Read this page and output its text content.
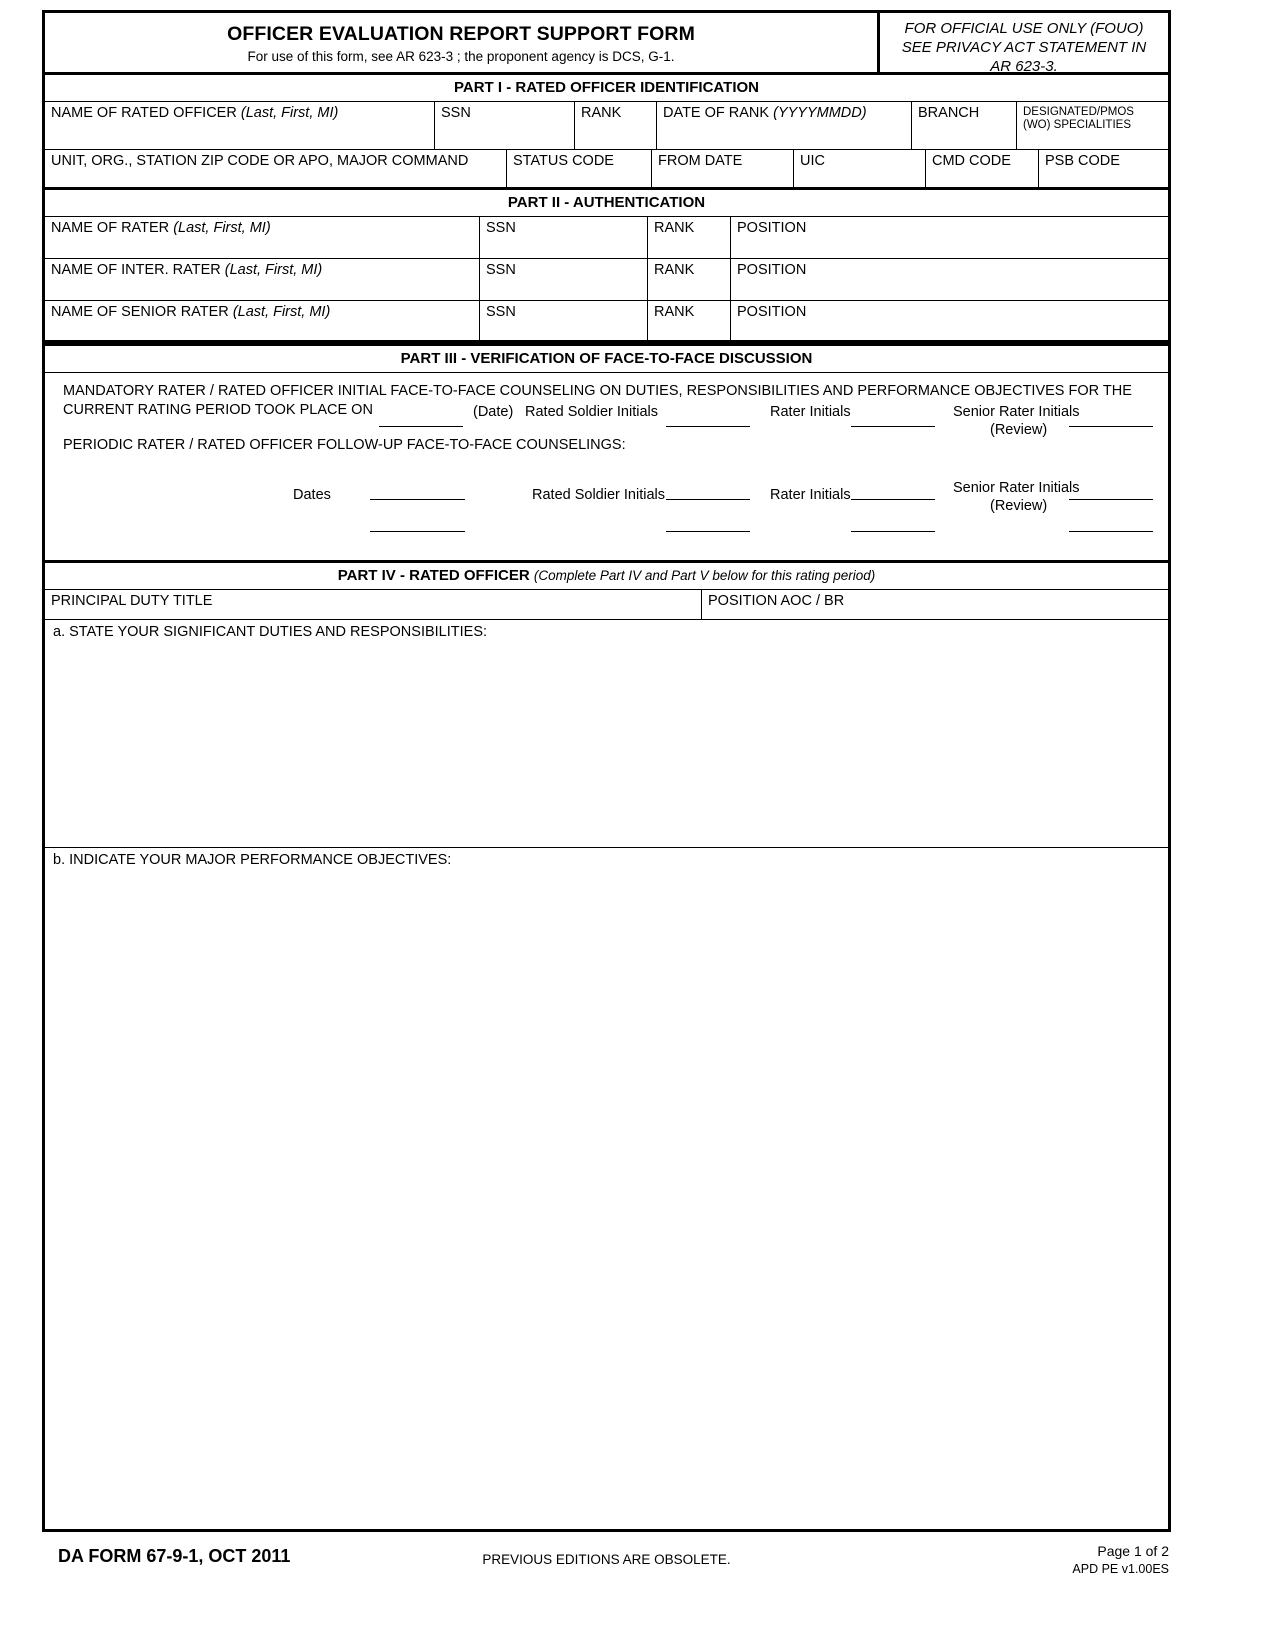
OFFICER EVALUATION REPORT SUPPORT FORM
For use of this form, see AR 623-3 ; the proponent agency is DCS, G-1.
FOR OFFICIAL USE ONLY (FOUO)
SEE PRIVACY ACT STATEMENT IN
AR 623-3.
PART I - RATED OFFICER IDENTIFICATION
NAME OF RATED OFFICER (Last, First, MI)	SSN	RANK	DATE OF RANK (YYYYMMDD)	BRANCH	DESIGNATED/PMOS
(WO) SPECIALITIES
UNIT, ORG., STATION ZIP CODE OR APO, MAJOR COMMAND	STATUS CODE	FROM DATE	UIC	CMD CODE	PSB CODE
PART II - AUTHENTICATION
NAME OF RATER (Last, First, MI)	SSN	RANK	POSITION
NAME OF INTER. RATER (Last, First, MI)	SSN	RANK	POSITION
NAME OF SENIOR RATER (Last, First, MI)	SSN	RANK	POSITION
PART III - VERIFICATION OF FACE-TO-FACE DISCUSSION
MANDATORY RATER / RATED OFFICER INITIAL FACE-TO-FACE COUNSELING ON DUTIES, RESPONSIBILITIES AND PERFORMANCE OBJECTIVES FOR THE
CURRENT RATING PERIOD TOOK PLACE ON	(Date) Rated Soldier Initials	Rater Initials	Senior Rater Initials
(Review)
PERIODIC RATER / RATED OFFICER FOLLOW-UP FACE-TO-FACE COUNSELINGS:
Dates	Rated Soldier Initials	Rater Initials	Senior Rater Initials
(Review)
PART IV - RATED OFFICER (Complete Part IV and Part V below for this rating period)
PRINCIPAL DUTY TITLE	POSITION AOC / BR
a. STATE YOUR SIGNIFICANT DUTIES AND RESPONSIBILITIES:
b. INDICATE YOUR MAJOR PERFORMANCE OBJECTIVES:
DA FORM 67-9-1, OCT 2011	PREVIOUS EDITIONS ARE OBSOLETE.
Page 1 of 2
APD PE v1.00ES
